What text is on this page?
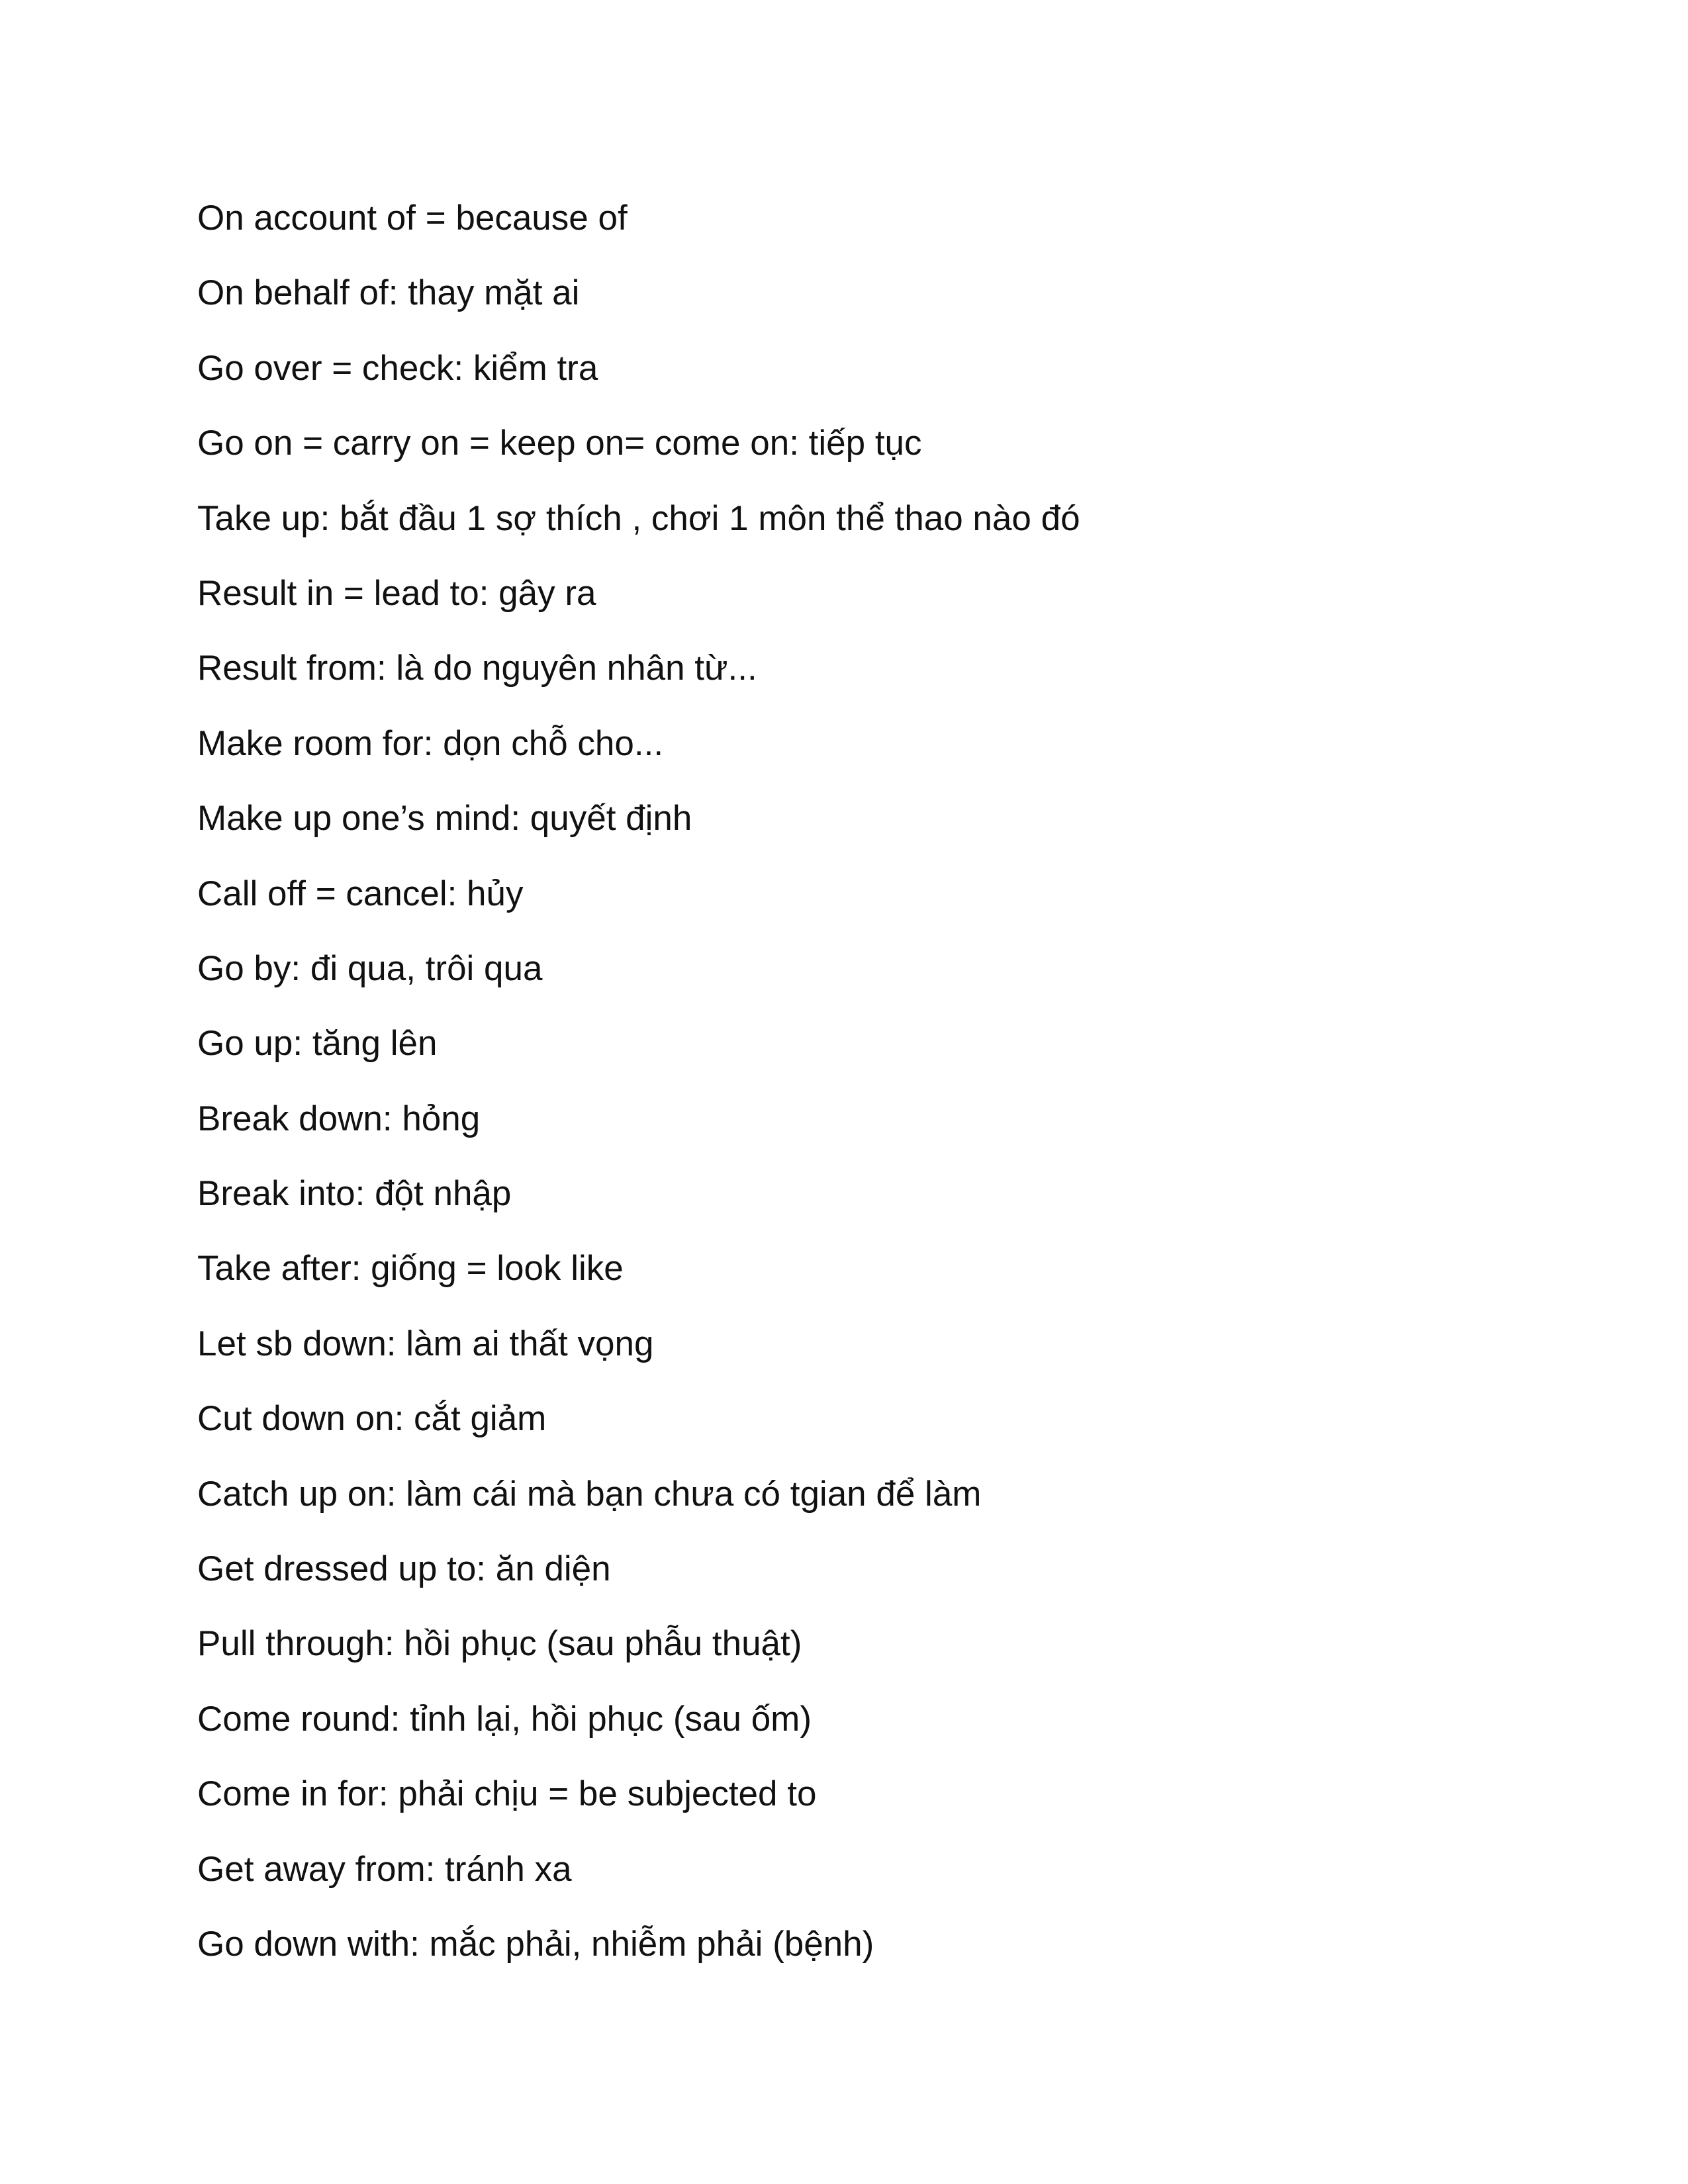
On account of = because of
On behalf of: thay mặt ai
Go over = check: kiểm tra
Go on = carry on = keep on= come on: tiếp tục
Take up: bắt đầu 1 sợ thích , chơi 1 môn thể thao nào đó
Result in = lead to: gây ra
Result from: là do nguyên nhân từ...
Make room for: dọn chỗ cho...
Make up one’s mind: quyết định
Call off = cancel: hủy
Go by: đi qua, trôi qua
Go up: tăng lên
Break down: hỏng
Break into: đột nhập
Take after: giống = look like
Let sb down: làm ai thất vọng
Cut down on: cắt giảm
Catch up on: làm cái mà bạn chưa có tgian để làm
Get dressed up to: ăn diện
Pull through: hồi phục (sau phẫu thuật)
Come round: tỉnh lại, hồi phục (sau ốm)
Come in for: phải chịu = be subjected to
Get away from: tránh xa
Go down with: mắc phải, nhiễm phải (bệnh)
